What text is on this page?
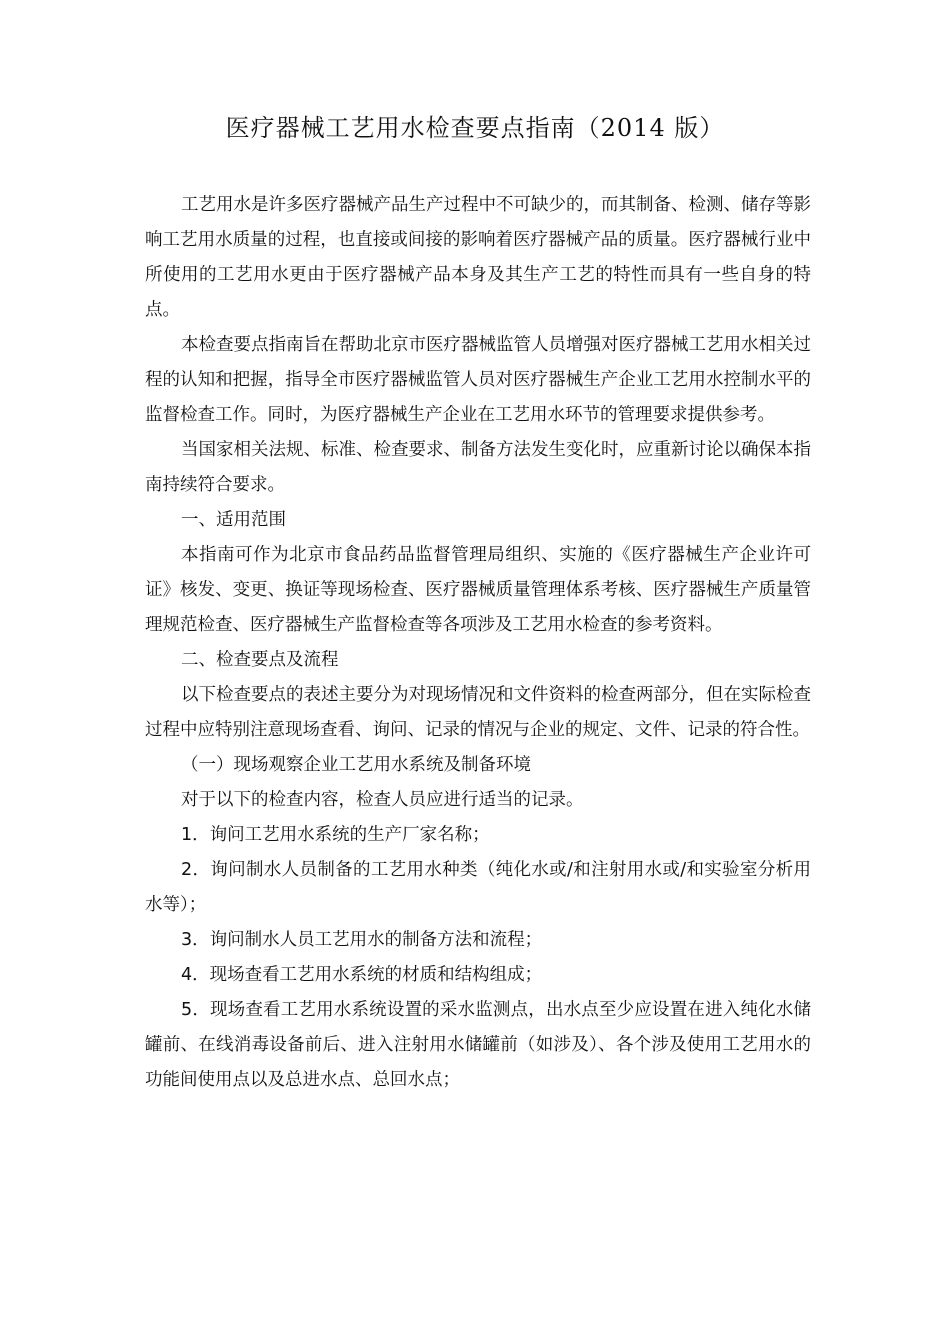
医疗器械工艺用水检查要点指南（2014 版）

工艺用水是许多医疗器械产品生产过程中不可缺少的，而其制备、检测、储存等影响工艺用水质量的过程，也直接或间接的影响着医疗器械产品的质量。医疗器械行业中所使用的工艺用水更由于医疗器械产品本身及其生产工艺的特性而具有一些自身的特点。

本检查要点指南旨在帮助北京市医疗器械监管人员增强对医疗器械工艺用水相关过程的认知和把握，指导全市医疗器械监管人员对医疗器械生产企业工艺用水控制水平的监督检查工作。同时，为医疗器械生产企业在工艺用水环节的管理要求提供参考。

当国家相关法规、标准、检查要求、制备方法发生变化时，应重新讨论以确保本指南持续符合要求。

一、适用范围

本指南可作为北京市食品药品监督管理局组织、实施的《医疗器械生产企业许可证》核发、变更、换证等现场检查、医疗器械质量管理体系考核、医疗器械生产质量管理规范检查、医疗器械生产监督检查等各项涉及工艺用水检查的参考资料。

二、检查要点及流程

以下检查要点的表述主要分为对现场情况和文件资料的检查两部分，但在实际检查过程中应特别注意现场查看、询问、记录的情况与企业的规定、文件、记录的符合性。

（一）现场观察企业工艺用水系统及制备环境

对于以下的检查内容，检查人员应进行适当的记录。

1．询问工艺用水系统的生产厂家名称；

2．询问制水人员制备的工艺用水种类（纯化水或/和注射用水或/和实验室分析用水等）；

3．询问制水人员工艺用水的制备方法和流程；

4．现场查看工艺用水系统的材质和结构组成；

5．现场查看工艺用水系统设置的采水监测点，出水点至少应设置在进入纯化水储罐前、在线消毒设备前后、进入注射用水储罐前（如涉及）、各个涉及使用工艺用水的功能间使用点以及总进水点、总回水点；
